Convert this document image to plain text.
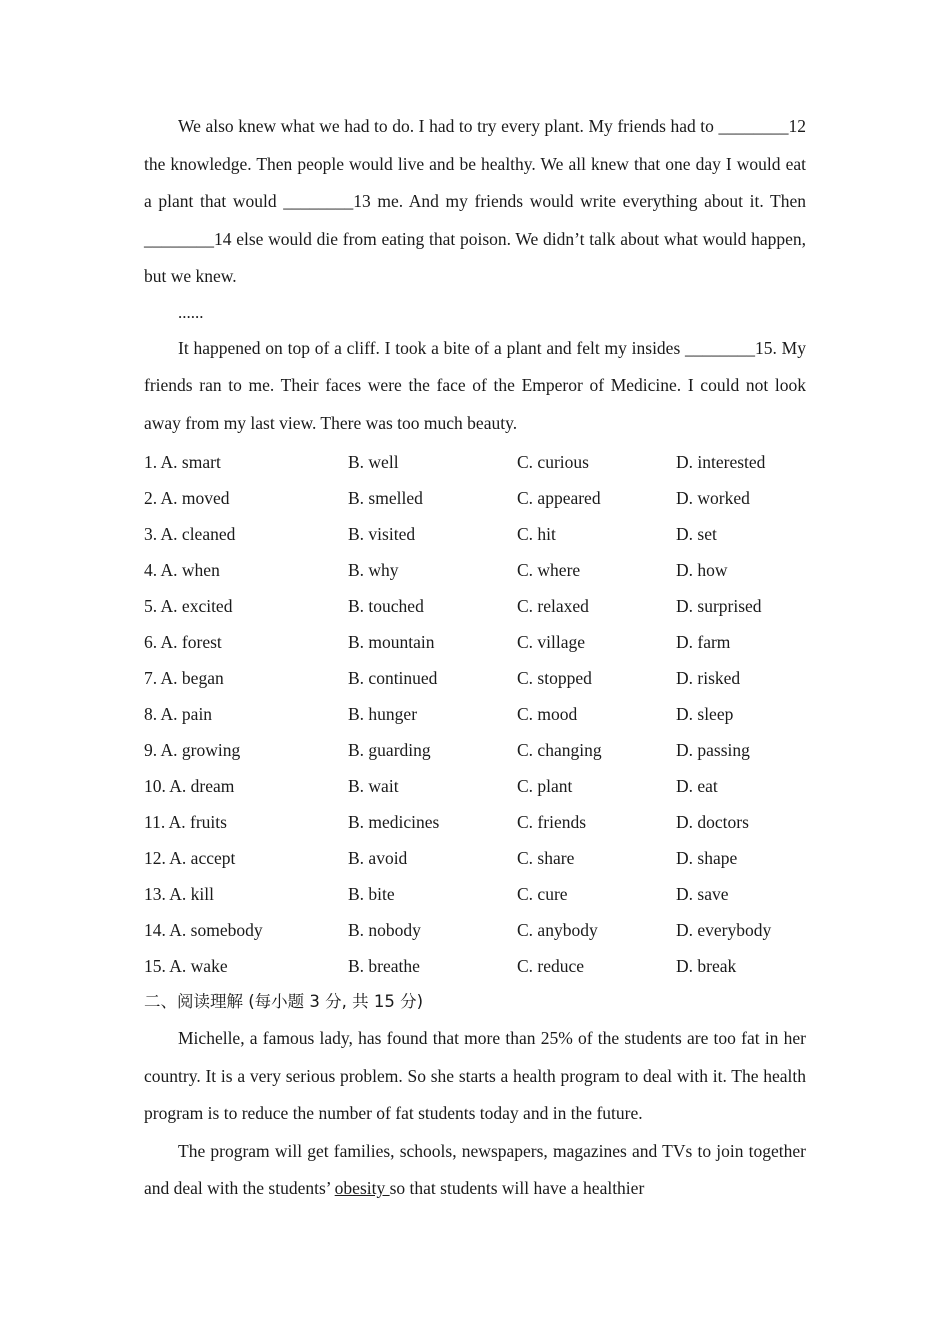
We also knew what we had to do. I had to try every plant. My friends had to ________12 the knowledge. Then people would live and be healthy. We all knew that one day I would eat a plant that would ________13 me. And my friends would write everything about it. Then ________14 else would die from eating that poison. We didn’t talk about what would happen, but we knew.

......

It happened on top of a cliff. I took a bite of a plant and felt my insides ________15. My friends ran to me. Their faces were the face of the Emperor of Medicine. I could not look away from my last view. There was too much beauty.

1. A. smart	B. well	C. curious	D. interested
2. A. moved	B. smelled	C. appeared	D. worked
3. A. cleaned	B. visited	C. hit	D. set
4. A. when	B. why	C. where	D. how
5. A. excited	B. touched	C. relaxed	D. surprised
6. A. forest	B. mountain	C. village	D. farm
7. A. began	B. continued	C. stopped	D. risked
8. A. pain	B. hunger	C. mood	D. sleep
9. A. growing	B. guarding	C. changing	D. passing
10. A. dream	B. wait	C. plant	D. eat
11. A. fruits	B. medicines	C. friends	D. doctors
12. A. accept	B. avoid	C. share	D. shape
13. A. kill	B. bite	C. cure	D. save
14. A. somebody	B. nobody	C. anybody	D. everybody
15. A. wake	B. breathe	C. reduce	D. break

二、阅读理解 (每小题 3 分, 共 15 分)

Michelle, a famous lady, has found that more than 25% of the students are too fat in her country. It is a very serious problem. So she starts a health program to deal with it. The health program is to reduce the number of fat students today and in the future.

The program will get families, schools, newspapers, magazines and TVs to join together and deal with the students’ obesity so that students will have a healthier
